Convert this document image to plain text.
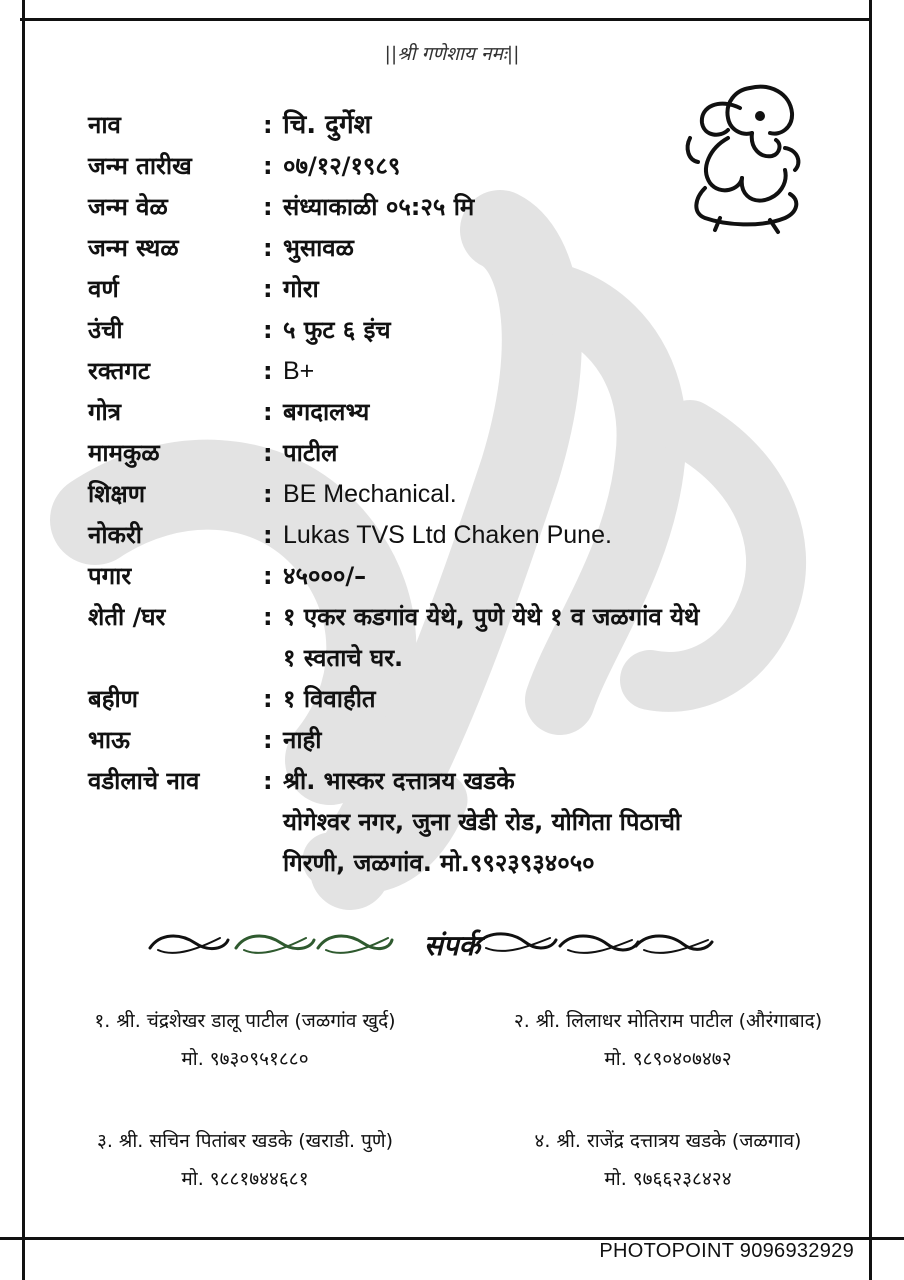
||श्री गणेशाय नमः||
नाव	: चि. दुर्गेश
जन्म तारीख	: ०७/१२/१९८९
जन्म वेळ	: संध्याकाळी ०५:२५ मि
जन्म स्थळ	: भुसावळ
वर्ण	: गोरा
उंची	: ५ फुट ६ इंच
रक्तगट	: B+
गोत्र	: बगदालभ्य
मामकुळ	: पाटील
शिक्षण	: BE Mechanical.
नोकरी	: Lukas TVS Ltd Chaken Pune.
पगार	: ४५०००/–
शेती /घर	: १ एकर कडगांव येथे, पुणे येथे १ व जळगांव येथे
१ स्वताचे घर.
बहीण	: १ विवाहीत
भाऊ	: नाही
वडीलाचे नाव	: श्री. भास्कर दत्तात्रय खडके
योगेश्वर नगर, जुना खेडी रोड, योगिता पिठाची
गिरणी, जळगांव. मो.९९२३९३४०५०
संपर्क
१. श्री. चंद्रशेखर डालू पाटील (जळगांव खुर्द)
मो. ९७३०९५१८८०
२. श्री. लिलाधर मोतिराम पाटील (औरंगाबाद)
मो. ९८९०४०७४७२
३. श्री. सचिन पितांबर खडके (खराडी. पुणे)
मो. ९८८१७४४६८१
४. श्री. राजेंद्र दत्तात्रय खडके (जळगाव)
मो. ९७६६२३८४२४
PHOTOPOINT 9096932929
